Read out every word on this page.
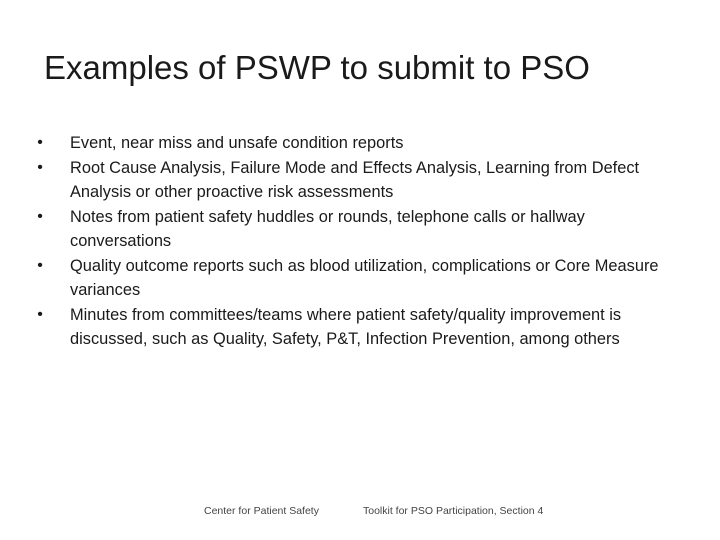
Examples of PSWP to submit to PSO
•	Event, near miss and unsafe condition reports
•	Root Cause Analysis, Failure Mode and Effects Analysis, Learning from Defect Analysis or other proactive risk assessments
•	Notes from patient safety huddles or rounds, telephone calls or hallway conversations
•	Quality outcome reports such as blood utilization, complications or Core Measure variances
•	Minutes from committees/teams where patient safety/quality improvement is discussed, such as Quality, Safety, P&T, Infection Prevention, among others
Center for Patient Safety	Toolkit for PSO Participation, Section 4
